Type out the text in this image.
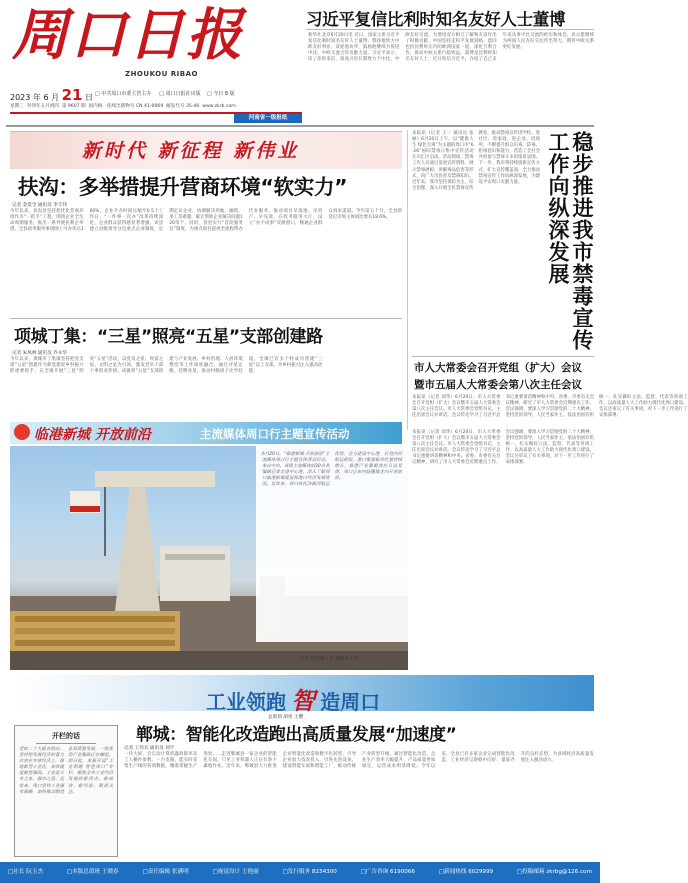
周口日报
ZHOUKOU RIBAO
2023 年 6 月 21 日 □ 中共周口市委主管主办 □ 周口日报社出版 □ 今日 8 版
星期三 癸卯年五月初四 第 9607 期 国内统一连续出版物号 CN 41-0069 邮发代号 35-46 www.zkrb.com
河南省一级报纸
习近平复信比利时知名友好人士董博
新华社北京6月20日电 近日，国家主席习近平复信比利时知名友好人士董博，赞扬他致力中欧友好事业，欢迎他访华，鼓励他继续为促进中比、中欧交流合作贡献力量。习近平表示，读了你的来信，很高兴你长期致力于中比、中欧友好交流，为增进双方相互了解和友谊作出了积极贡献。中国坚持走和平发展道路，愿同包括比利时在内的欧洲国家一道，深化互利合作，推动中欧关系行稳致远。董博是比利时知名友好人士，近日致信习近平，介绍了自己多年来从事中比交流的经历和体会，表示愿继续为两国人民友好交往作出努力，期待中欧关系更好发展。
新时代 新征程 新伟业
扶沟：多举措提升营商环境“软实力”
记者 金选全 通讯员 李丰伟
今年以来，扶沟县坚持把优化营商环境作为“一把手”工程，围绕企业全生命周期服务，推出一系列便民利企举措。全县政务服务事项网上可办率达100%，企业开办时间压缩至0.5个工作日，“一件事一次办”改革持续深化，企业群众获得感显著增强。该县建立县级领导分包重点企业制度，定期走访企业，协调解决用地、融资、用工等难题，累计帮助企业解决问题120余个。同时，县里实行“首席服务官”制度，为重点项目提供全流程帮办代办服务，推动项目早落地、早投产、早见效。在政务服务大厅，设立“办不成事”反映窗口，畅通企业群众诉求渠道。今年前五个月，全县新登记市场主体同比增长18.6%。
项城丁集：“三星”照亮“五星”支部创建路
记者 朱凤林 通讯员 乔永华
今年以来，项城市丁集镇坚持把党支部“五星”创建作为抓党建促乡村振兴的重要抓手，在全镇开展“三星”照亮“五星”活动，以党员之星、致富之星、文明之星为引领，激发党员干部干事创业热情。该镇将“五星”支部创建与产业发展、乡村治理、人居环境整治等工作深度融合，通过评星定级、挂牌亮星，推动村级班子比学赶超，全镇已有多个村成功创建“三星”以上支部，为乡村振兴注入强劲动能。
本报讯（记者 王一 通讯员 张丽）6月20日上午，以“健康人生 绿色无毒”为主题的周口市“6·26”国际禁毒日集中宣传活动在川汇区启动。活动现场，禁毒工作人员通过发放宣传资料、展示禁毒展板、讲解毒品危害等形式，向广大市民普及禁毒知识。近年来，我市坚持预防为主、综合治理，深入开展全民禁毒宣传教育，推动禁毒宣传进学校、进社区、进家庭、进企业、进场所，不断提升群众识毒、防毒、拒毒意识和能力，营造了全社会共同参与禁毒斗争的浓厚氛围。下一步，我市将持续创新宣传方式，扩大宣传覆盖面，全力推动禁毒宣传工作向纵深发展，为建设平安周口贡献力量。	稳步推进我市禁毒宣传工作向纵深发展
市人大常委会召开党组（扩大）会议
暨市五届人大常委会第八次主任会议
本报讯（记者 刘华）6月20日，市人大常委会召开党组（扩大）会议暨市五届人大常委会第八次主任会议。市人大常委会党组书记、主任出席会议并讲话。会议传达学习了习近平总书记重要讲话精神和中央、省委、市委有关会议精神，研究了市人大常委会近期重点工作。会议强调，要深入学习贯彻党的二十大精神，坚持党的领导、人民当家作主、依法治国有机统一，扎实做好立法、监督、代表等各项工作，以高质量人大工作助力现代化周口建设。会议还审议了有关事项，对下一步工作进行了安排部署。
临港新城 开放前沿	主流媒体周口行主题宣传活动	本报讯（记者 刘华）6月20日，市人大常委会召开党组（扩大）会议暨市五届人大常委会第八次主任会议。市人大常委会党组书记、主任出席会议并讲话。会议传达学习了习近平总书记重要讲话精神和中央、省委、市委有关会议精神，研究了市人大常委会近期重点工作。会议强调，要深入学习贯彻党的二十大精神，坚持党的领导、人民当家作主、依法治国有机统一，扎实做好立法、监督、代表等各项工作，以高质量人大工作助力现代化周口建设。会议还审议了有关事项，对下一步工作进行了安排部署。
6月20日，“临港新城 开放前沿”主流媒体周口行主题宣传活动启动。来自中央、省级主流媒体的30余名编辑记者走进中心港，深入了解周口临港新城建设和港口经济发展情况。近年来，周口依托沙颍河航运优势，全力建设中心港，打造内河航运枢纽，港口集装箱吞吐量持续增长，临港产业集聚效应日益显现，周口正由内陆腹地走向开放前沿。
记者 徐启峰 / 文 刘俊涛 / 图
工业领跑 智 造周口
总策划 胡勇 王樱
开栏的话
党的二十大报告指出，坚持把发展经济的着力点放在实体经济上，推进新型工业化，加快建设制造强国。工业是立市之本、强市之基。近年来，周口坚持工业强市战略，加快推动制造业高质量发展，一批优势产业集群正在崛起。即日起，本报开设“工业领跑 智造周口”专栏，聚焦全市工业经济发展的新亮点、新成效、新经验，敬请关注。
郸城：智能化改造跑出高质量发展“加速度”
记者 王伟宾 通讯员 刘宇
一块大屏，会自动计算机器故障率及工人操作参数；一台电脑，能实时采集生产线的各项数据，精准掌握生产进度……走进郸城县一家企业的智能化车间，只见工业机器人正在有条不紊地作业。近年来，郸城县大力推进企业智能化改造和数字化转型，引导企业加大技改投入，引进先进设备，建设智能车间和智能工厂，推动传统产业转型升级。通过智能化改造，企业生产效率大幅提升，产品质量更加稳定，运营成本明显降低。今年以来，全县已有多家企业完成智能化改造，工业经济呈现稳中向好、量质齐升的良好态势，为县域经济高质量发展注入强劲动力。
□社长 阮玉杰	□本版总值班 王晓春	□责任编辑 张满明	□视觉设计 王艳丽	□发行服务 8234300	□广告咨询 6190066	□新闻热线 6029999	□投稿邮箱 zkrbg@126.com
